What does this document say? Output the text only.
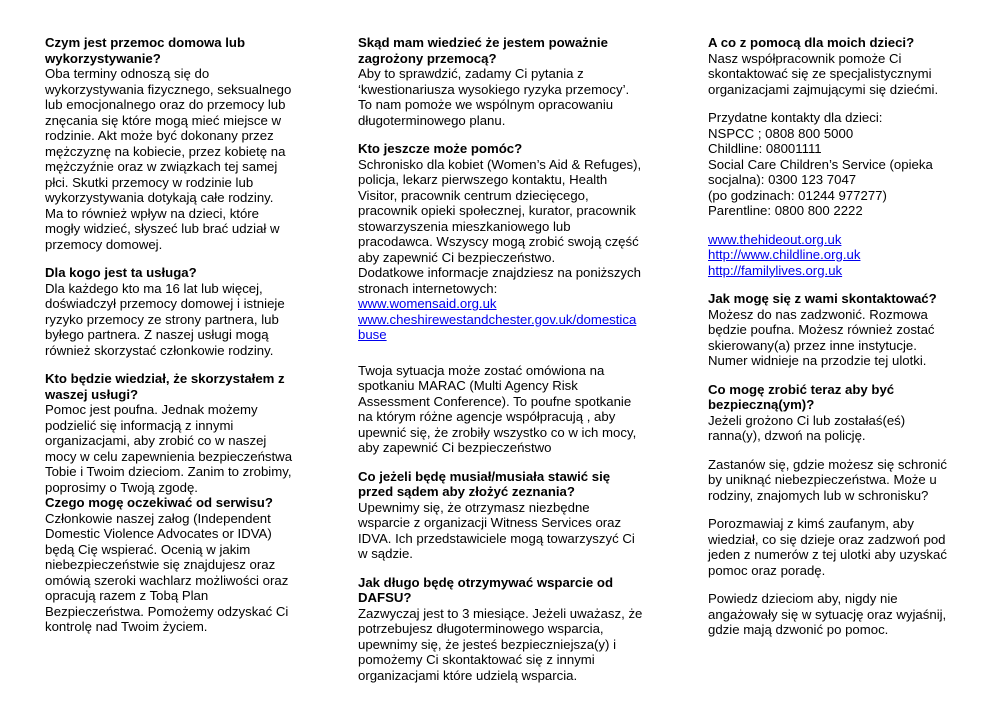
Czym jest przemoc domowa lub wykorzystywanie?
Oba terminy odnoszą się do wykorzystywania fizycznego, seksualnego lub emocjonalnego oraz do przemocy lub znęcania się które mogą mieć miejsce w rodzinie. Akt może być dokonany przez mężczyznę na kobiecie, przez kobietę na mężczyźnie oraz w związkach tej samej płci. Skutki przemocy w rodzinie lub wykorzystywania dotykają całe rodziny. Ma to również wpływ na dzieci, które mogły widzieć, słyszeć lub brać udział w przemocy domowej.
Dla kogo jest ta usługa?
Dla każdego kto ma 16 lat lub więcej, doświadczył przemocy domowej i istnieje ryzyko przemocy ze strony partnera, lub byłego partnera. Z naszej usługi mogą również skorzystać członkowie rodziny.
Kto będzie wiedział, że skorzystałem z waszej usługi?
Pomoc jest poufna. Jednak możemy podzielić się informacją z innymi organizacjami, aby zrobić co w naszej mocy w celu zapewnienia bezpieczeństwa Tobie i Twoim dzieciom. Zanim to zrobimy, poprosimy o Twoją zgodę.
Czego mogę oczekiwać od serwisu?
Członkowie naszej załog (Independent Domestic Violence Advocates or IDVA) będą Cię wspierać. Ocenią w jakim niebezpieczeństwie się znajdujesz oraz omówią szeroki wachlarz możliwości oraz opracują razem z Tobą Plan Bezpieczeństwa. Pomożemy odzyskać Ci kontrolę nad Twoim życiem.
Skąd mam wiedzieć że jestem poważnie zagrożony przemocą?
Aby to sprawdzić, zadamy Ci pytania z ‘kwestionariusza wysokiego ryzyka przemocy’. To nam pomoże we wspólnym opracowaniu długoterminowego planu.
Kto jeszcze może pomóc?
Schronisko dla kobiet (Women’s Aid & Refuges), policja, lekarz pierwszego kontaktu, Health Visitor, pracownik centrum dziecięcego, pracownik opieki społecznej, kurator, pracownik stowarzyszenia mieszkaniowego lub pracodawca. Wszyscy mogą zrobić swoją część aby zapewnić Ci bezpieczeństwo.
Dodatkowe informacje znajdziesz na poniższych stronach internetowych:
www.womensaid.org.uk
www.cheshirewestandchester.gov.uk/domesticabuse
Twoja sytuacja może zostać omówiona na spotkaniu MARAC (Multi Agency Risk Assessment Conference). To poufne spotkanie na którym różne agencje współpracują , aby upewnić się, że zrobiły wszystko co w ich mocy, aby zapewnić Ci bezpieczeństwo
Co jeżeli będę musiał/musiała stawić się przed sądem aby złożyć zeznania?
Upewnimy się, że otrzymasz niezbędne wsparcie z organizacji Witness Services oraz IDVA. Ich przedstawiciele mogą towarzyszyć Ci w sądzie.
Jak długo będę otrzymywać wsparcie od DAFSU?
Zazwyczaj jest to 3 miesiące. Jeżeli uważasz, że potrzebujesz długoterminowego wsparcia, upewnimy się, że jesteś bezpieczniejsza(y) i pomożemy Ci skontaktować się z innymi organizacjami które udzielą wsparcia.
A co z pomocą dla moich dzieci?
Nasz współpracownik pomoże Ci skontaktować się ze specjalistycznymi organizacjami zajmującymi się dziećmi.
Przydatne kontakty dla dzieci:
NSPCC ; 0808 800 5000
Childline: 08001111
Social Care Children’s Service (opieka socjalna): 0300 123 7047
(po godzinach: 01244 977277)
Parentline: 0800 800 2222
www.thehideout.org.uk
http://www.childline.org.uk
http://familylives.org.uk
Jak mogę się z wami skontaktować?
Możesz do nas zadzwonić. Rozmowa będzie poufna. Możesz również zostać skierowany(a) przez inne instytucje. Numer widnieje na przodzie tej ulotki.
Co mogę zrobić teraz aby być bezpieczną(ym)?
Jeżeli grożono Ci lub zostałaś(eś) ranna(y), dzwoń na policję.
Zastanów się, gdzie możesz się schronić by uniknąć niebezpieczeństwa. Może u rodziny, znajomych lub w schronisku?
Porozmawiaj z kimś zaufanym, aby wiedział, co się dzieje oraz zadzwoń pod jeden z numerów z tej ulotki aby uzyskać pomoc oraz poradę.
Powiedz dzieciom aby, nigdy nie angażowały się w sytuację oraz wyjaśnij, gdzie mają dzwonić po pomoc.
